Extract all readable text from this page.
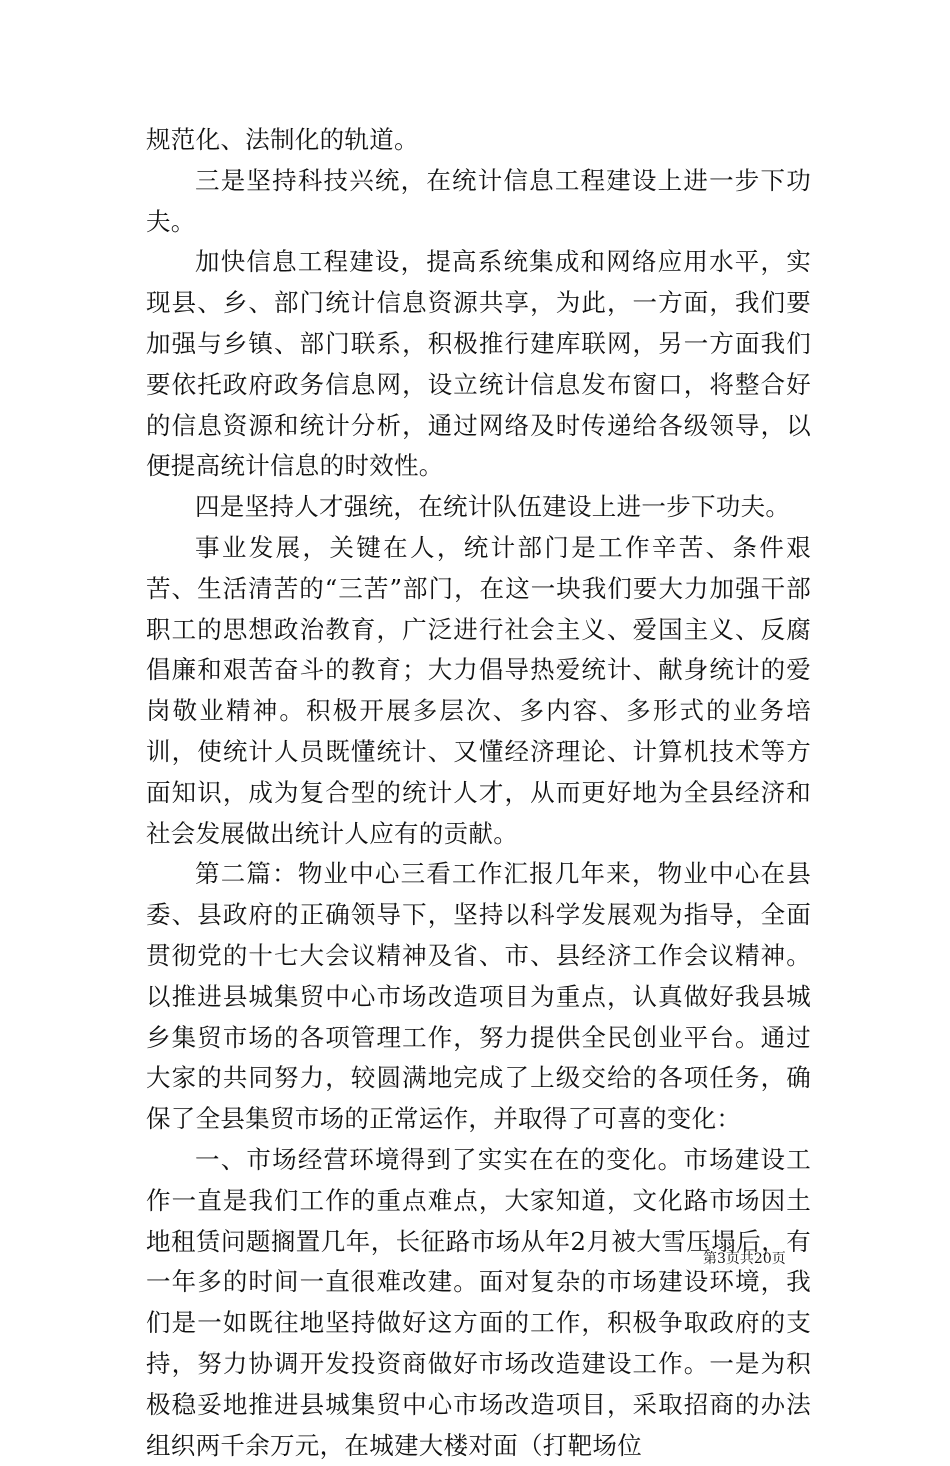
规范化、法制化的轨道。

三是坚持科技兴统，在统计信息工程建设上进一步下功夫。

加快信息工程建设，提高系统集成和网络应用水平，实现县、乡、部门统计信息资源共享，为此，一方面，我们要加强与乡镇、部门联系，积极推行建库联网，另一方面我们要依托政府政务信息网，设立统计信息发布窗口，将整合好的信息资源和统计分析，通过网络及时传递给各级领导，以便提高统计信息的时效性。

四是坚持人才强统，在统计队伍建设上进一步下功夫。

事业发展，关键在人，统计部门是工作辛苦、条件艰苦、生活清苦的“三苦”部门，在这一块我们要大力加强干部职工的思想政治教育，广泛进行社会主义、爱国主义、反腐倡廉和艰苦奋斗的教育；大力倡导热爱统计、献身统计的爱岗敬业精神。积极开展多层次、多内容、多形式的业务培训，使统计人员既懂统计、又懂经济理论、计算机技术等方面知识，成为复合型的统计人才，从而更好地为全县经济和社会发展做出统计人应有的贡献。

第二篇：物业中心三看工作汇报几年来，物业中心在县委、县政府的正确领导下，坚持以科学发展观为指导，全面贯彻党的十七大会议精神及省、市、县经济工作会议精神。以推进县城集贸中心市场改造项目为重点，认真做好我县城乡集贸市场的各项管理工作，努力提供全民创业平台。通过大家的共同努力，较圆满地完成了上级交给的各项任务，确保了全县集贸市场的正常运作，并取得了可喜的变化：

一、市场经营环境得到了实实在在的变化。市场建设工作一直是我们工作的重点难点，大家知道，文化路市场因土地租赁问题搁置几年，长征路市场从年2月被大雪压塌后，有一年多的时间一直很难改建。面对复杂的市场建设环境，我们是一如既往地坚持做好这方面的工作，积极争取政府的支持，努力协调开发投资商做好市场改造建设工作。一是为积极稳妥地推进县城集贸中心市场改造项目，采取招商的办法组织两千余万元，在城建大楼对面（打靶场位

第3页共20页
